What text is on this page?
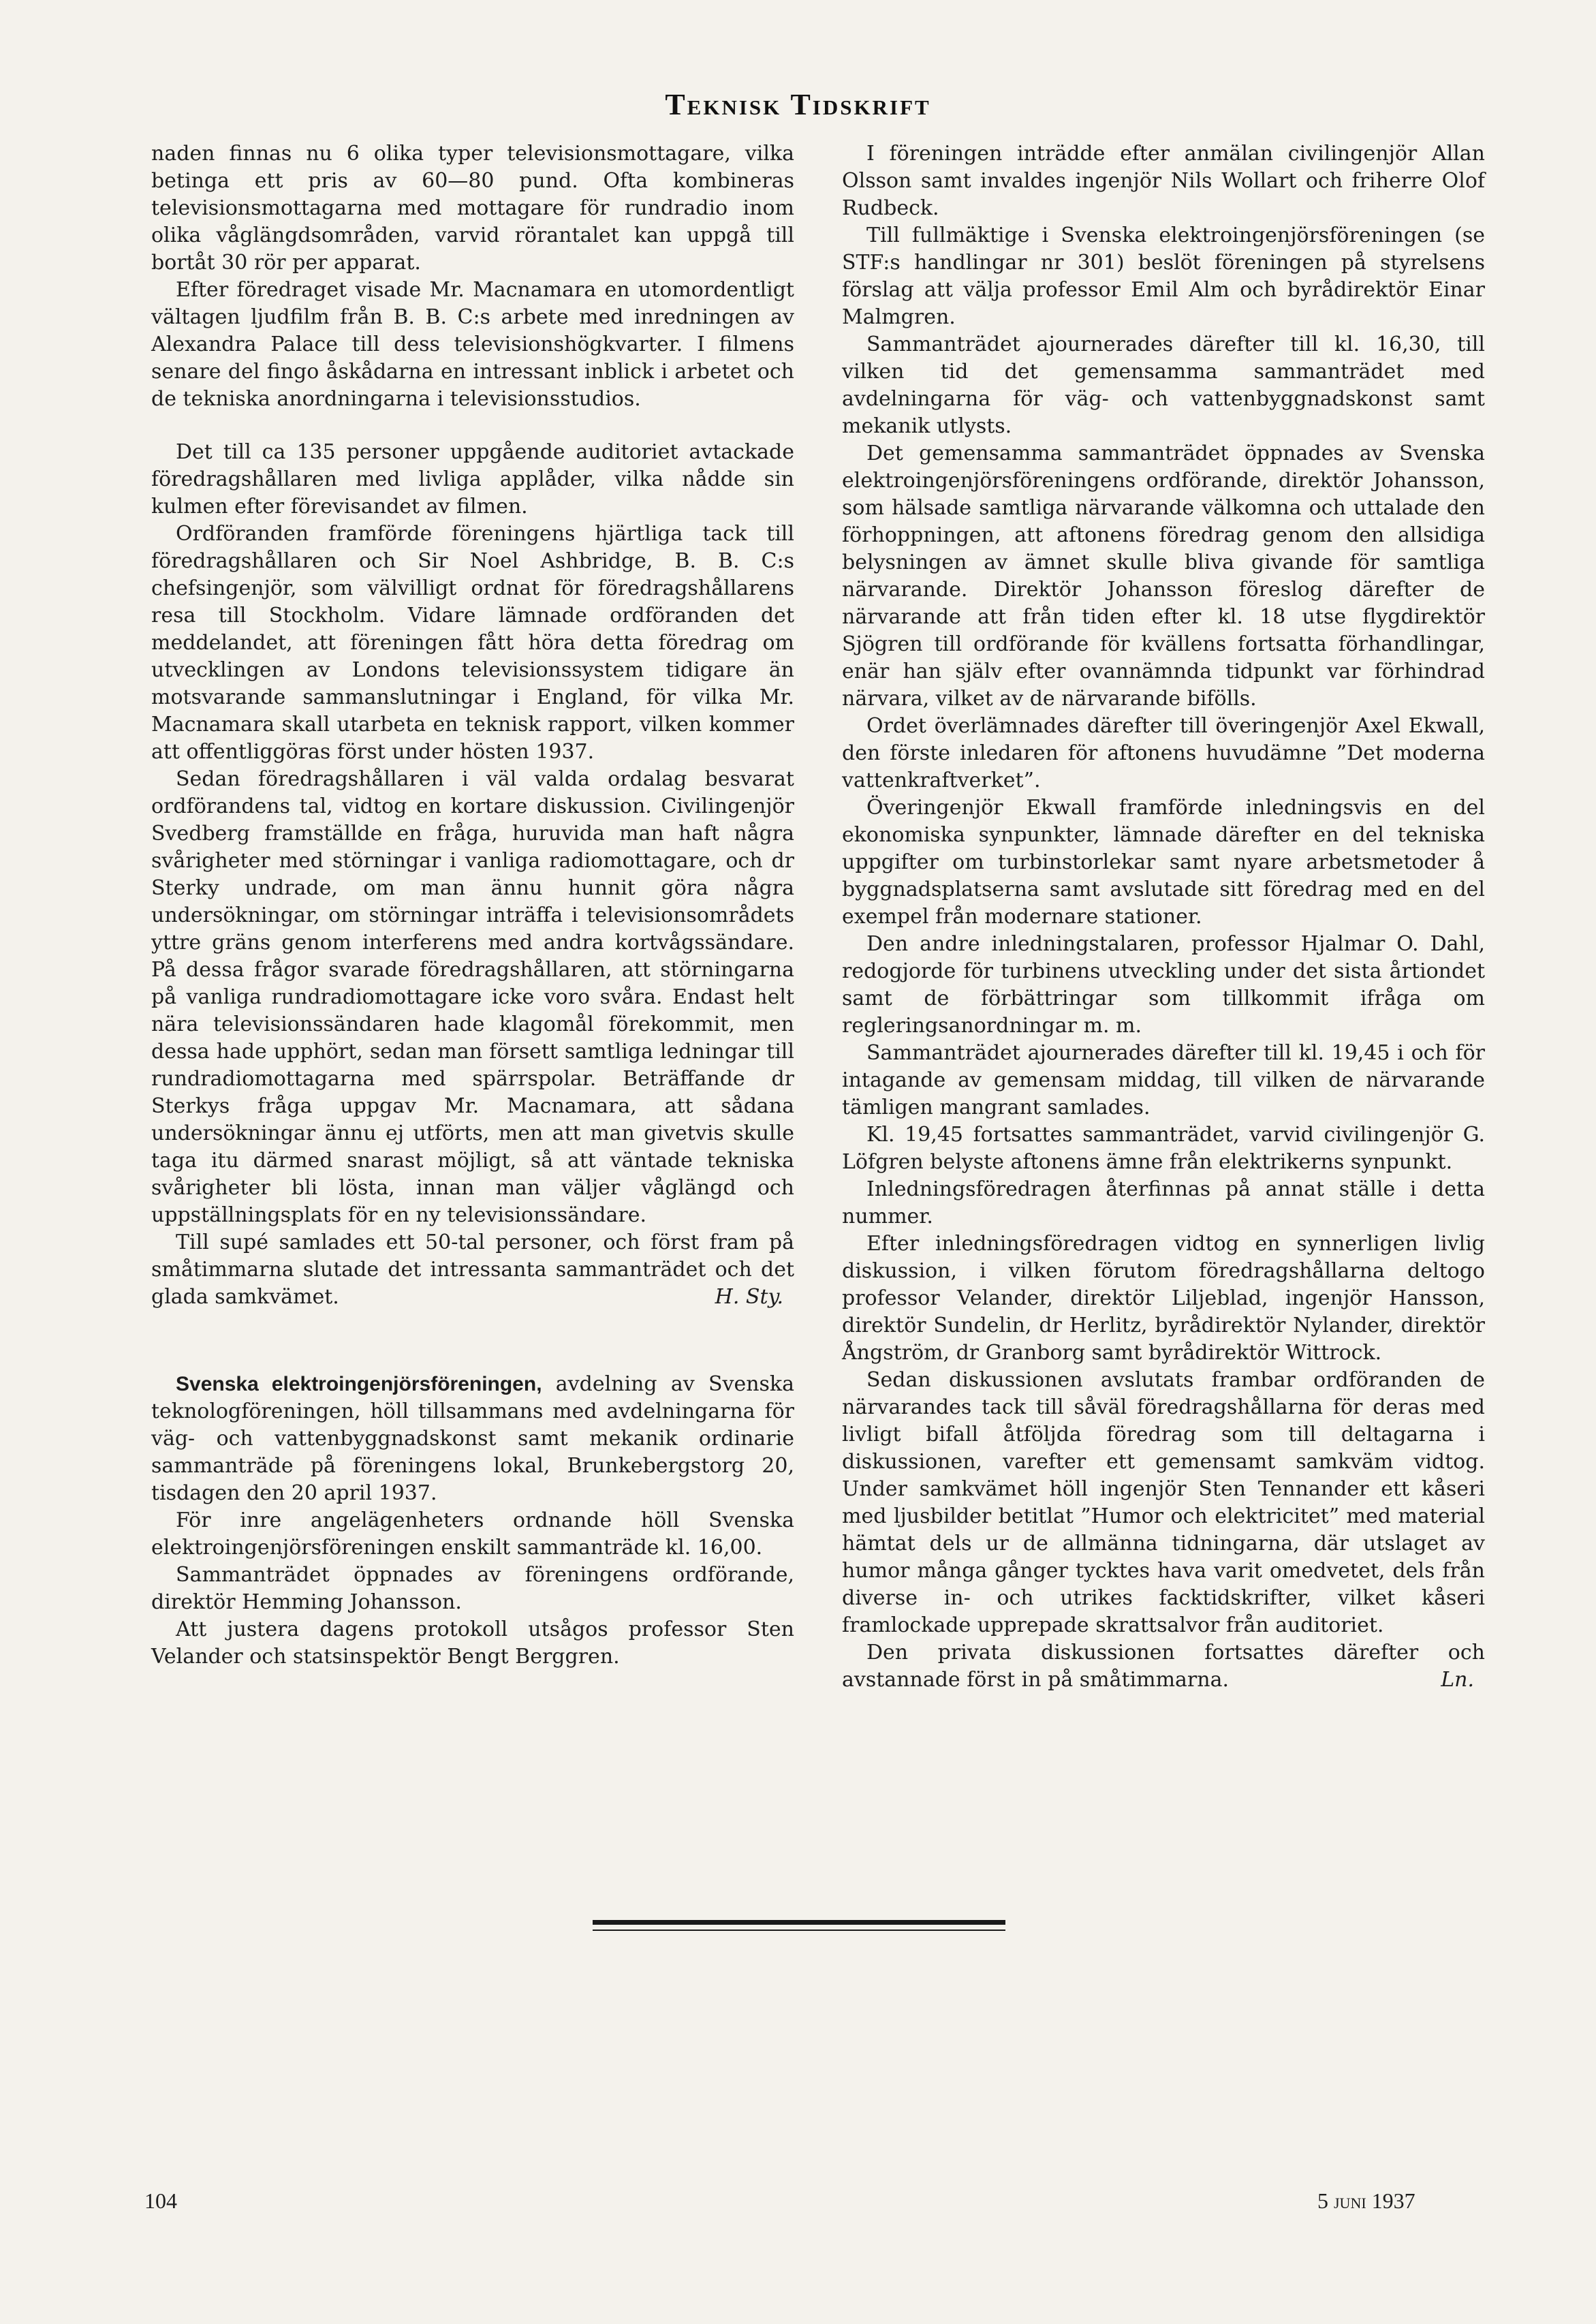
Teknisk Tidskrift

naden finnas nu 6 olika typer televisionsmottagare, vilka betinga ett pris av 60—80 pund. Ofta kombineras televisionsmottagarna med mottagare för rundradio inom olika våglängdsområden, varvid rörantalet kan uppgå till bortåt 30 rör per apparat.

Efter föredraget visade Mr. Macnamara en utomordentligt vältagen ljudfilm från B. B. C:s arbete med inredningen av Alexandra Palace till dess televisionshögkvarter. I filmens senare del fingo åskådarna en intressant inblick i arbetet och de tekniska anordningarna i televisionsstudios.

Det till ca 135 personer uppgående auditoriet avtackade föredragshållaren med livliga applåder, vilka nådde sin kulmen efter förevisandet av filmen.

Ordföranden framförde föreningens hjärtliga tack till föredragshållaren och Sir Noel Ashbridge, B. B. C:s chefsingenjör, som välvilligt ordnat för föredragshållarens resa till Stockholm. Vidare lämnade ordföranden det meddelandet, att föreningen fått höra detta föredrag om utvecklingen av Londons televisionssystem tidigare än motsvarande sammanslutningar i England, för vilka Mr. Macnamara skall utarbeta en teknisk rapport, vilken kommer att offentliggöras först under hösten 1937.

Sedan föredragshållaren i väl valda ordalag besvarat ordförandens tal, vidtog en kortare diskussion. Civilingenjör Svedberg framställde en fråga, huruvida man haft några svårigheter med störningar i vanliga radiomottagare, och dr Sterky undrade, om man ännu hunnit göra några undersökningar, om störningar inträffa i televisionsområdets yttre gräns genom interferens med andra kortvågssändare. På dessa frågor svarade föredragshållaren, att störningarna på vanliga rundradiomottagare icke voro svåra. Endast helt nära televisionssändaren hade klagomål förekommit, men dessa hade upphört, sedan man försett samtliga ledningar till rundradiomottagarna med spärrspolar. Beträffande dr Sterkys fråga uppgav Mr. Macnamara, att sådana undersökningar ännu ej utförts, men att man givetvis skulle taga itu därmed snarast möjligt, så att väntade tekniska svårigheter bli lösta, innan man väljer våglängd och uppställningsplats för en ny televisionssändare.

Till supé samlades ett 50-tal personer, och först fram på småtimmarna slutade det intressanta sammanträdet och det glada samkvämet.	H. Sty.

Svenska elektroingenjörsföreningen, avdelning av Svenska teknologföreningen, höll tillsammans med avdelningarna för väg- och vattenbyggnadskonst samt mekanik ordinarie sammanträde på föreningens lokal, Brunkebergstorg 20, tisdagen den 20 april 1937.

För inre angelägenheters ordnande höll Svenska elektroingenjörsföreningen enskilt sammanträde kl. 16,00.

Sammanträdet öppnades av föreningens ordförande, direktör Hemming Johansson.

Att justera dagens protokoll utsågos professor Sten Velander och statsinspektör Bengt Berggren.

I föreningen inträdde efter anmälan civilingenjör Allan Olsson samt invaldes ingenjör Nils Wollart och friherre Olof Rudbeck.

Till fullmäktige i Svenska elektroingenjörsföreningen (se STF:s handlingar nr 301) beslöt föreningen på styrelsens förslag att välja professor Emil Alm och byrådirektör Einar Malmgren.

Sammanträdet ajournerades därefter till kl. 16,30, till vilken tid det gemensamma sammanträdet med avdelningarna för väg- och vattenbyggnadskonst samt mekanik utlysts.

Det gemensamma sammanträdet öppnades av Svenska elektroingenjörsföreningens ordförande, direktör Johansson, som hälsade samtliga närvarande välkomna och uttalade den förhoppningen, att aftonens föredrag genom den allsidiga belysningen av ämnet skulle bliva givande för samtliga närvarande. Direktör Johansson föreslog därefter de närvarande att från tiden efter kl. 18 utse flygdirektör Sjögren till ordförande för kvällens fortsatta förhandlingar, enär han själv efter ovannämnda tidpunkt var förhindrad närvara, vilket av de närvarande bifölls.

Ordet överlämnades därefter till överingenjör Axel Ekwall, den förste inledaren för aftonens huvudämne ”Det moderna vattenkraftverket”.

Överingenjör Ekwall framförde inledningsvis en del ekonomiska synpunkter, lämnade därefter en del tekniska uppgifter om turbinstorlekar samt nyare arbetsmetoder å byggnadsplatserna samt avslutade sitt föredrag med en del exempel från modernare stationer.

Den andre inledningstalaren, professor Hjalmar O. Dahl, redogjorde för turbinens utveckling under det sista årtiondet samt de förbättringar som tillkommit ifråga om regleringsanordningar m. m.

Sammanträdet ajournerades därefter till kl. 19,45 i och för intagande av gemensam middag, till vilken de närvarande tämligen mangrant samlades.

Kl. 19,45 fortsattes sammanträdet, varvid civilingenjör G. Löfgren belyste aftonens ämne från elektrikerns synpunkt.

Inledningsföredragen återfinnas på annat ställe i detta nummer.

Efter inledningsföredragen vidtog en synnerligen livlig diskussion, i vilken förutom föredragshållarna deltogo professor Velander, direktör Liljeblad, ingenjör Hansson, direktör Sundelin, dr Herlitz, byrådirektör Nylander, direktör Ångström, dr Granborg samt byrådirektör Wittrock.

Sedan diskussionen avslutats frambar ordföranden de närvarandes tack till såväl föredragshållarna för deras med livligt bifall åtföljda föredrag som till deltagarna i diskussionen, varefter ett gemensamt samkväm vidtog. Under samkvämet höll ingenjör Sten Tennander ett kåseri med ljusbilder betitlat ”Humor och elektricitet” med material hämtat dels ur de allmänna tidningarna, där utslaget av humor många gånger tycktes hava varit omedvetet, dels från diverse in- och utrikes facktidskrifter, vilket kåseri framlockade upprepade skrattsalvor från auditoriet.

Den privata diskussionen fortsattes därefter och avstannade först in på småtimmarna.	Ln.

104	5 juni 1937
